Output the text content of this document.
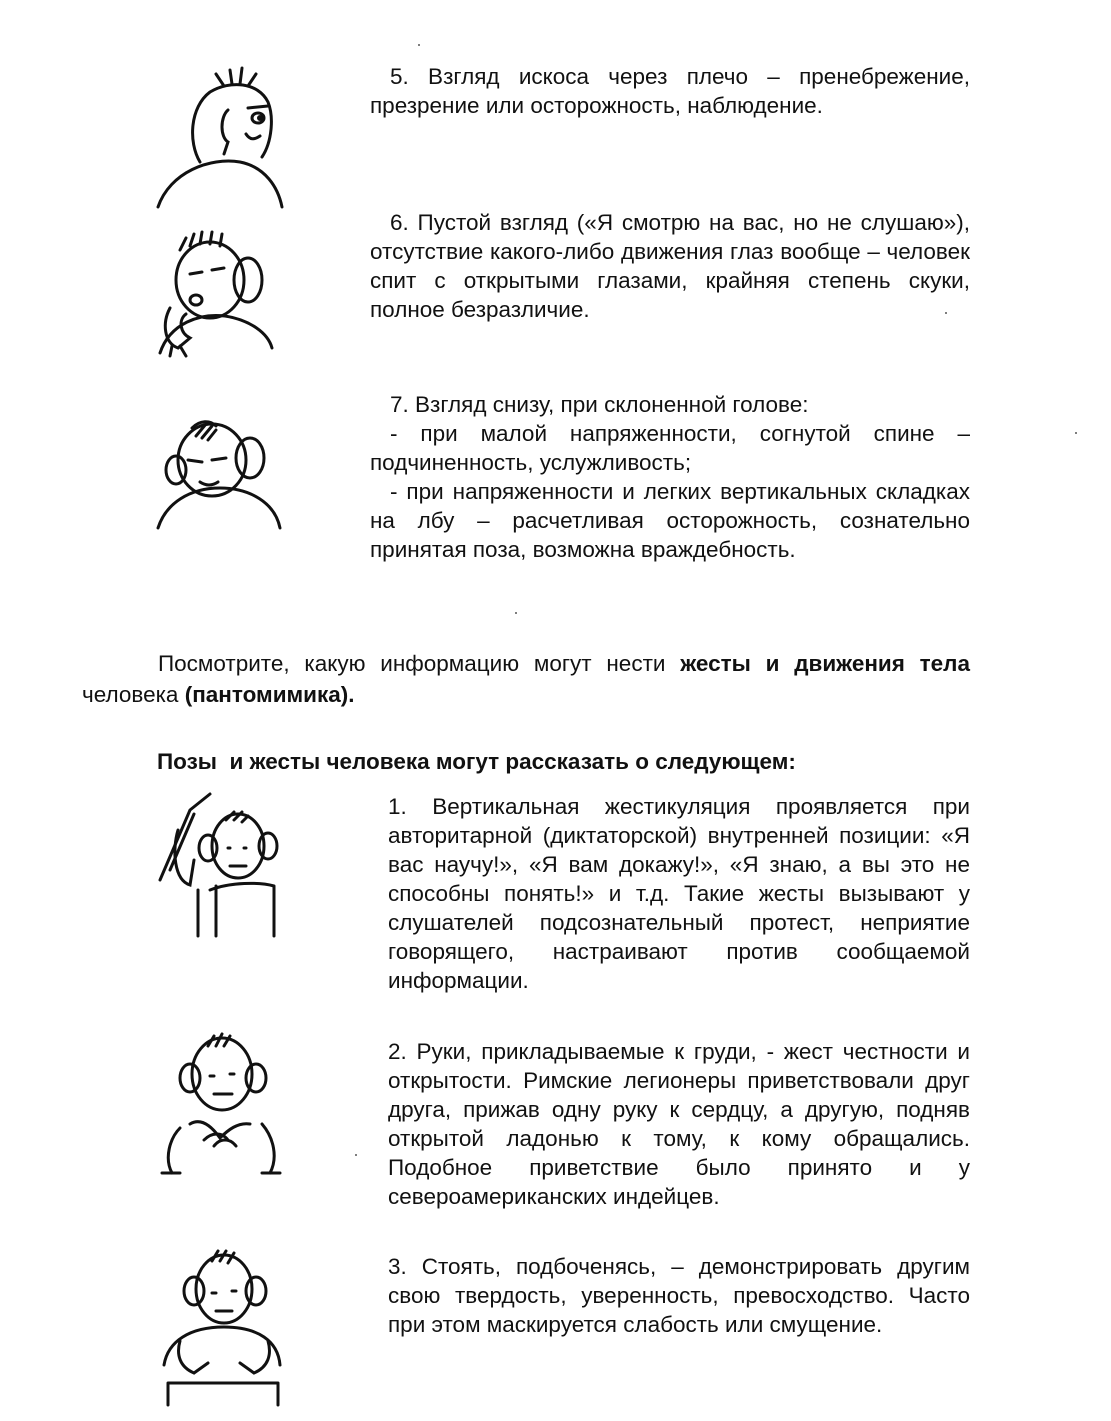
5. Взгляд искоса через плечо – пренебрежение, презрение или осторожность, наблюдение.
6. Пустой взгляд («Я смотрю на вас, но не слушаю»), отсутствие какого-либо движения глаз вообще – человек спит с открытыми глазами, крайняя степень скуки, полное безразличие.
7. Взгляд снизу, при склоненной голове:
- при малой напряженности, согнутой спине – подчиненность, услужливость;
- при напряженности и легких вертикальных складках на лбу – расчетливая осторожность, сознательно принятая поза, возможна враждебность.
Посмотрите, какую информацию могут нести жесты и движения тела человека (пантомимика).
Позы  и жесты человека могут рассказать о следующем:
1. Вертикальная жестикуляция проявляется при авторитарной (диктаторской) внутренней позиции: «Я вас научу!», «Я вам докажу!», «Я знаю, а вы это не способны понять!» и т.д. Такие жесты вызывают у слушателей подсознательный протест, неприятие говорящего, настраивают против сообщаемой информации.
2. Руки, прикладываемые к груди, - жест честности и открытости. Римские легионеры приветствовали друг друга, прижав одну руку к сердцу, а другую, подняв открытой ладонью к тому, к кому обращались. Подобное приветствие было принято и у североамериканских индейцев.
3. Стоять, подбоченясь, – демонстрировать другим свою твердость, уверенность, превосходство. Часто при этом маскируется слабость или смущение.
